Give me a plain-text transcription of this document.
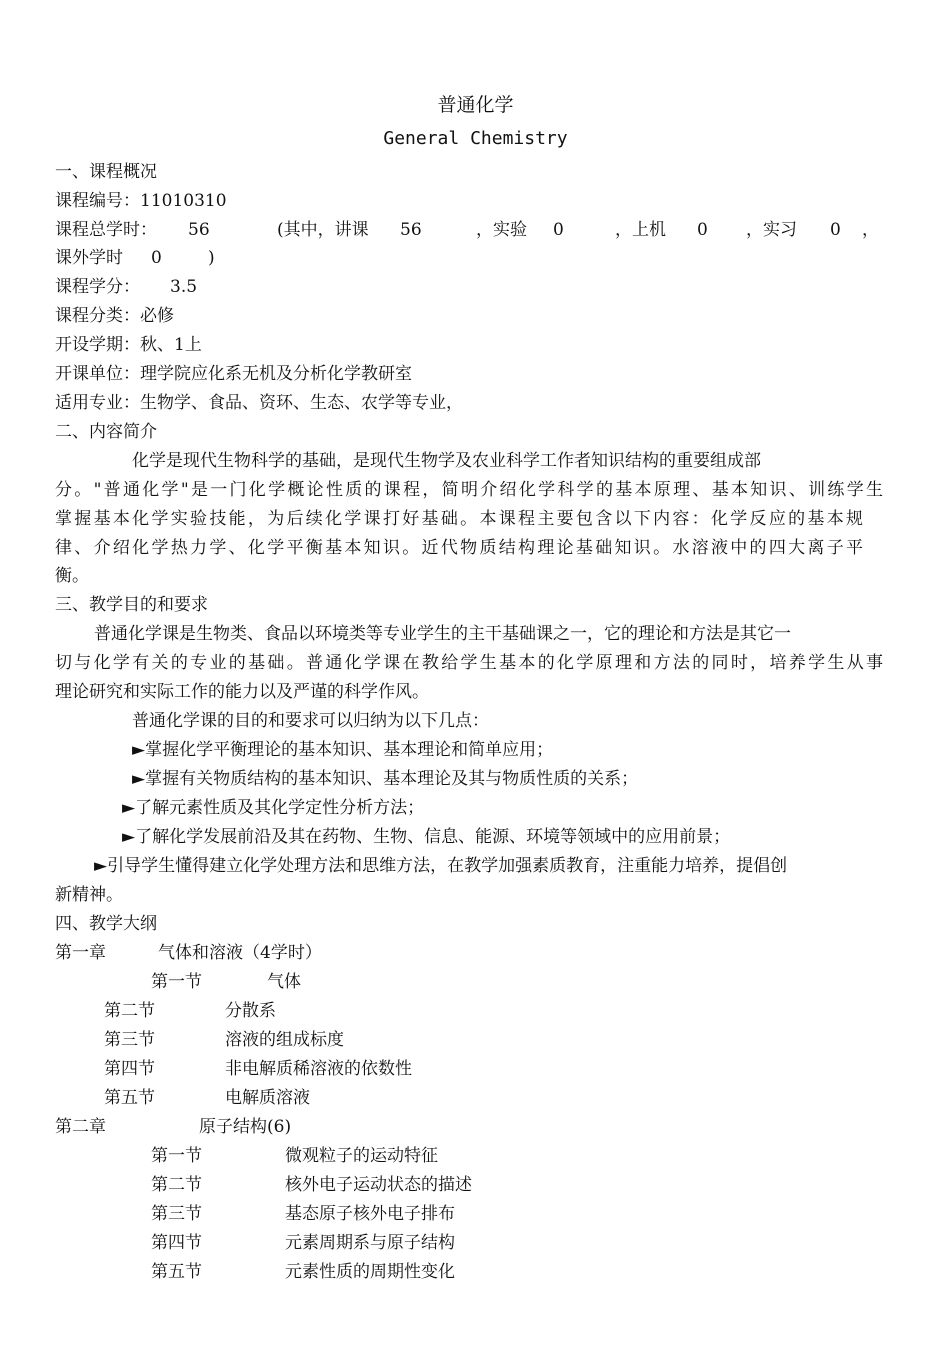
普通化学
General Chemistry
一、课程概况
课程编号：11010310
课程总学时： 56	(其中，讲课 56	，实验 0	，上机 0 ，实习 0 ，
课外学时 0	)
课程学分： 3.5
课程分类：必修
开设学期：秋、1上
开课单位：理学院应化系无机及分析化学教研室
适用专业：生物学、食品、资环、生态、农学等专业，
二、内容简介
化学是现代生物科学的基础，是现代生物学及农业科学工作者知识结构的重要组成部
分。"普通化学"是一门化学概论性质的课程，简明介绍化学科学的基本原理、基本知识、训练学生
掌握基本化学实验技能，为后续化学课打好基础。本课程主要包含以下内容：化学反应的基本规
律、介绍化学热力学、化学平衡基本知识。近代物质结构理论基础知识。水溶液中的四大离子平
衡。
三、教学目的和要求
普通化学课是生物类、食品以环境类等专业学生的主干基础课之一，它的理论和方法是其它一
切与化学有关的专业的基础。普通化学课在教给学生基本的化学原理和方法的同时，培养学生从事
理论研究和实际工作的能力以及严谨的科学作风。
普通化学课的目的和要求可以归纳为以下几点：
►掌握化学平衡理论的基本知识、基本理论和简单应用；
►掌握有关物质结构的基本知识、基本理论及其与物质性质的关系；
►了解元素性质及其化学定性分析方法；
►了解化学发展前沿及其在药物、生物、信息、能源、环境等领域中的应用前景；
►引导学生懂得建立化学处理方法和思维方法，在教学加强素质教育，注重能力培养，提倡创
新精神。
四、教学大纲
第一章	气体和溶液（4学时）
第一节	气体
第二节	分散系
第三节	溶液的组成标度
第四节	非电解质稀溶液的依数性
第五节	电解质溶液
第二章	原子结构(6)
第一节	微观粒子的运动特征
第二节	核外电子运动状态的描述
第三节	基态原子核外电子排布
第四节	元素周期系与原子结构
第五节	元素性质的周期性变化
